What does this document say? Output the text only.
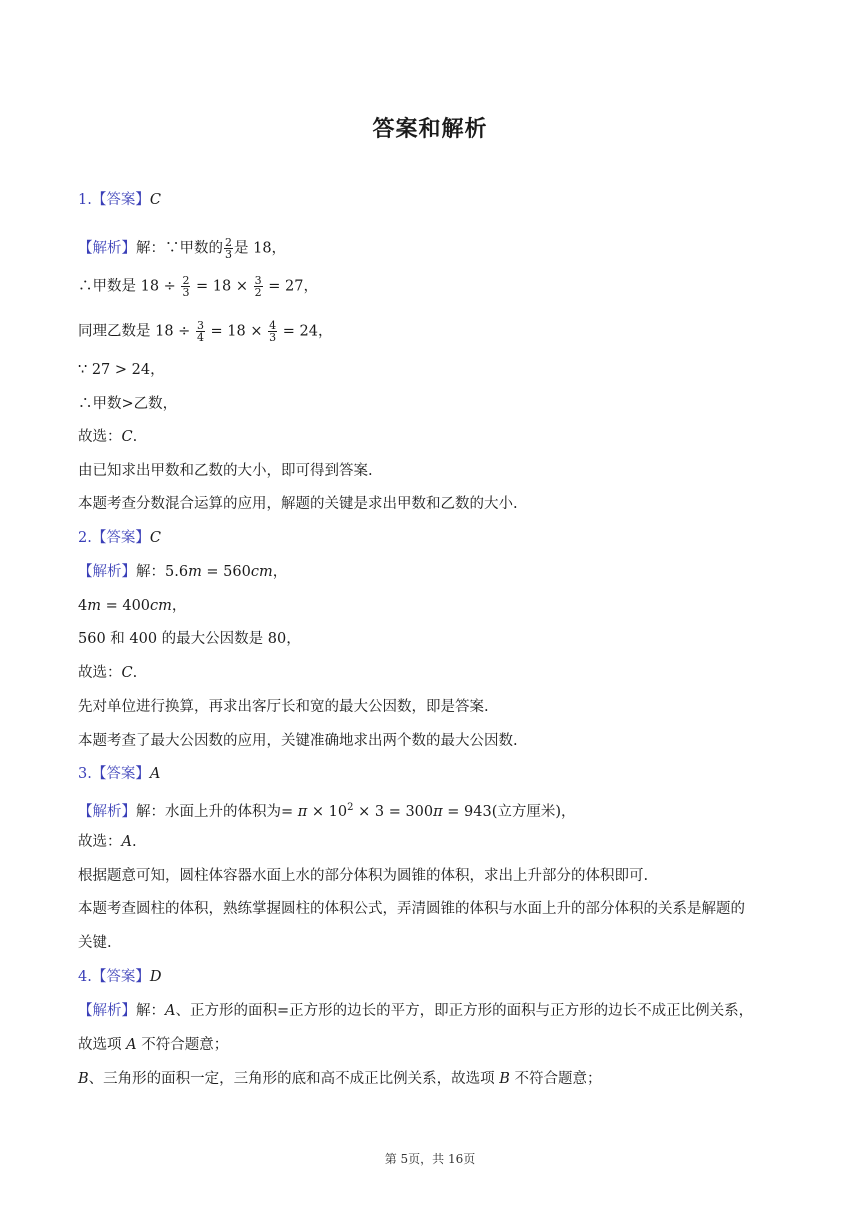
答案和解析
1.【答案】C
【解析】解：∵甲数的 $\frac{2}{3}$ 是 18，
∴甲数是 $18 \div \frac{2}{3} = 18 \times \frac{3}{2} = 27$，
同理乙数是 $18 \div \frac{3}{4} = 18 \times \frac{4}{3} = 24$，
∵ 27 > 24，
∴甲数>乙数，
故选：C.
由已知求出甲数和乙数的大小，即可得到答案.
本题考查分数混合运算的应用，解题的关键是求出甲数和乙数的大小.
2.【答案】C
【解析】解：5.6m = 560cm，
4m = 400cm，
560 和 400 的最大公因数是 80，
故选：C.
先对单位进行换算，再求出客厅长和宽的最大公因数，即是答案.
本题考查了最大公因数的应用，关键准确地求出两个数的最大公因数.
3.【答案】A
【解析】解：水面上升的体积为= $\pi \times 10^2 \times 3 = 300\pi = 943$(立方厘米)，
故选：A.
根据题意可知，圆柱体容器水面上水的部分体积为圆锥的体积，求出上升部分的体积即可.
本题考查圆柱的体积，熟练掌握圆柱的体积公式，弄清圆锥的体积与水面上升的部分体积的关系是解题的
关键.
4.【答案】D
【解析】解：A、正方形的面积=正方形的边长的平方，即正方形的面积与正方形的边长不成正比例关系，
故选项 A 不符合题意；
B、三角形的面积一定，三角形的底和高不成正比例关系，故选项 B 不符合题意；
第 5页，共 16页
